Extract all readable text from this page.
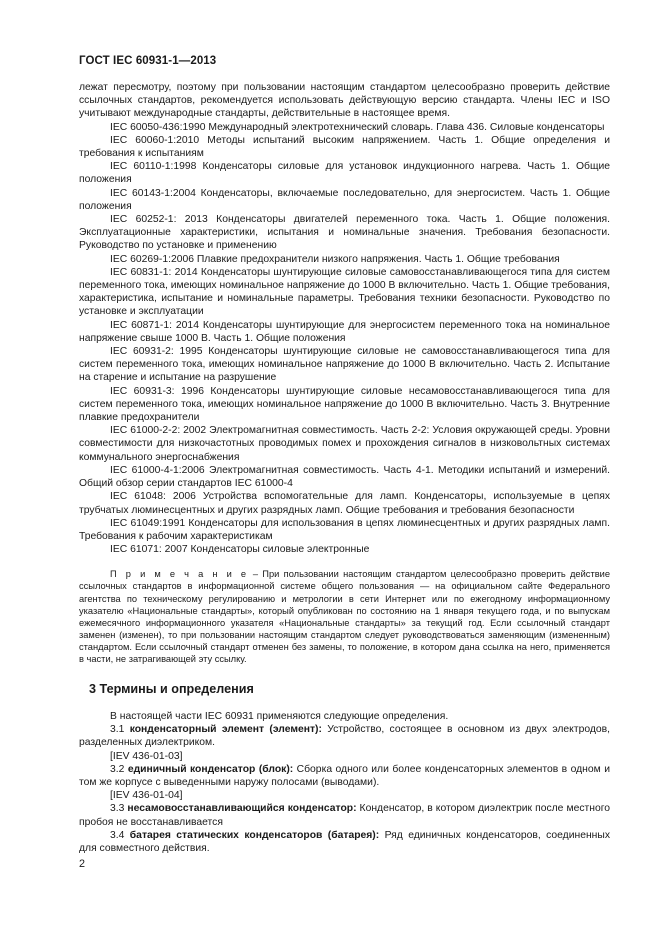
ГОСТ IEC 60931-1—2013

лежат пересмотру, поэтому при пользовании настоящим стандартом целесообразно проверить действие ссылочных стандартов, рекомендуется использовать действующую версию стандарта. Члены IEC и ISO учитывают международные стандарты, действительные в настоящее время.

IEC 60050-436:1990 Международный электротехнический словарь. Глава 436. Силовые конденсаторы

IEC 60060-1:2010 Методы испытаний высоким напряжением. Часть 1. Общие определения и требования к испытаниям

IEC 60110-1:1998 Конденсаторы силовые для установок индукционного нагрева. Часть 1. Общие положения

IEC 60143-1:2004 Конденсаторы, включаемые последовательно, для энергосистем. Часть 1. Общие положения

IEC 60252-1: 2013 Конденсаторы двигателей переменного тока. Часть 1. Общие положения. Эксплуатационные характеристики, испытания и номинальные значения. Требования безопасности. Руководство по установке и применению

IEC 60269-1:2006 Плавкие предохранители низкого напряжения. Часть 1. Общие требования

IEC 60831-1: 2014 Конденсаторы шунтирующие силовые самовосстанавливающегося типа для систем переменного тока, имеющих номинальное напряжение до 1000 В включительно. Часть 1. Общие требования, характеристика, испытание и номинальные параметры. Требования техники безопасности. Руководство по установке и эксплуатации

IEC 60871-1: 2014 Конденсаторы шунтирующие для энергосистем переменного тока на номинальное напряжение свыше 1000 В. Часть 1. Общие положения

IEC 60931-2: 1995 Конденсаторы шунтирующие силовые не самовосстанавливающегося типа для систем переменного тока, имеющих номинальное напряжение до 1000 В включительно. Часть 2. Испытание на старение и испытание на разрушение

IEC 60931-3: 1996 Конденсаторы шунтирующие силовые несамовосстанавливающегося типа для систем переменного тока, имеющих номинальное напряжение до 1000 В включительно. Часть 3. Внутренние плавкие предохранители

IEC 61000-2-2: 2002 Электромагнитная совместимость. Часть 2-2: Условия окружающей среды. Уровни совместимости для низкочастотных проводимых помех и прохождения сигналов в низковольтных системах коммунального энергоснабжения

IEC 61000-4-1:2006 Электромагнитная совместимость. Часть 4-1. Методики испытаний и измерений. Общий обзор серии стандартов IEC 61000-4

IEC 61048: 2006 Устройства вспомогательные для ламп. Конденсаторы, используемые в цепях трубчатых люминесцентных и других разрядных ламп. Общие требования и требования безопасности

IEC 61049:1991 Конденсаторы для использования в цепях люминесцентных и других разрядных ламп. Требования к рабочим характеристикам

IEC 61071: 2007 Конденсаторы силовые электронные

П р и м е ч а н и е – При пользовании настоящим стандартом целесообразно проверить действие ссылочных стандартов в информационной системе общего пользования — на официальном сайте Федерального агентства по техническому регулированию и метрологии в сети Интернет или по ежегодному информационному указателю «Национальные стандарты», который опубликован по состоянию на 1 января текущего года, и по выпускам ежемесячного информационного указателя «Национальные стандарты» за текущий год. Если ссылочный стандарт заменен (изменен), то при пользовании настоящим стандартом следует руководствоваться заменяющим (измененным) стандартом. Если ссылочный стандарт отменен без замены, то положение, в котором дана ссылка на него, применяется в части, не затрагивающей эту ссылку.

3 Термины и определения

В настоящей части IEC 60931 применяются следующие определения.

3.1 конденсаторный элемент (элемент): Устройство, состоящее в основном из двух электродов, разделенных диэлектриком.

[IEV 436-01-03]

3.2 единичный конденсатор (блок): Сборка одного или более конденсаторных элементов в одном и том же корпусе с выведенными наружу полосами (выводами).

[IEV 436-01-04]

3.3 несамовосстанавливающийся конденсатор: Конденсатор, в котором диэлектрик после местного пробоя не восстанавливается

3.4 батарея статических конденсаторов (батарея): Ряд единичных конденсаторов, соединенных для совместного действия.

2
